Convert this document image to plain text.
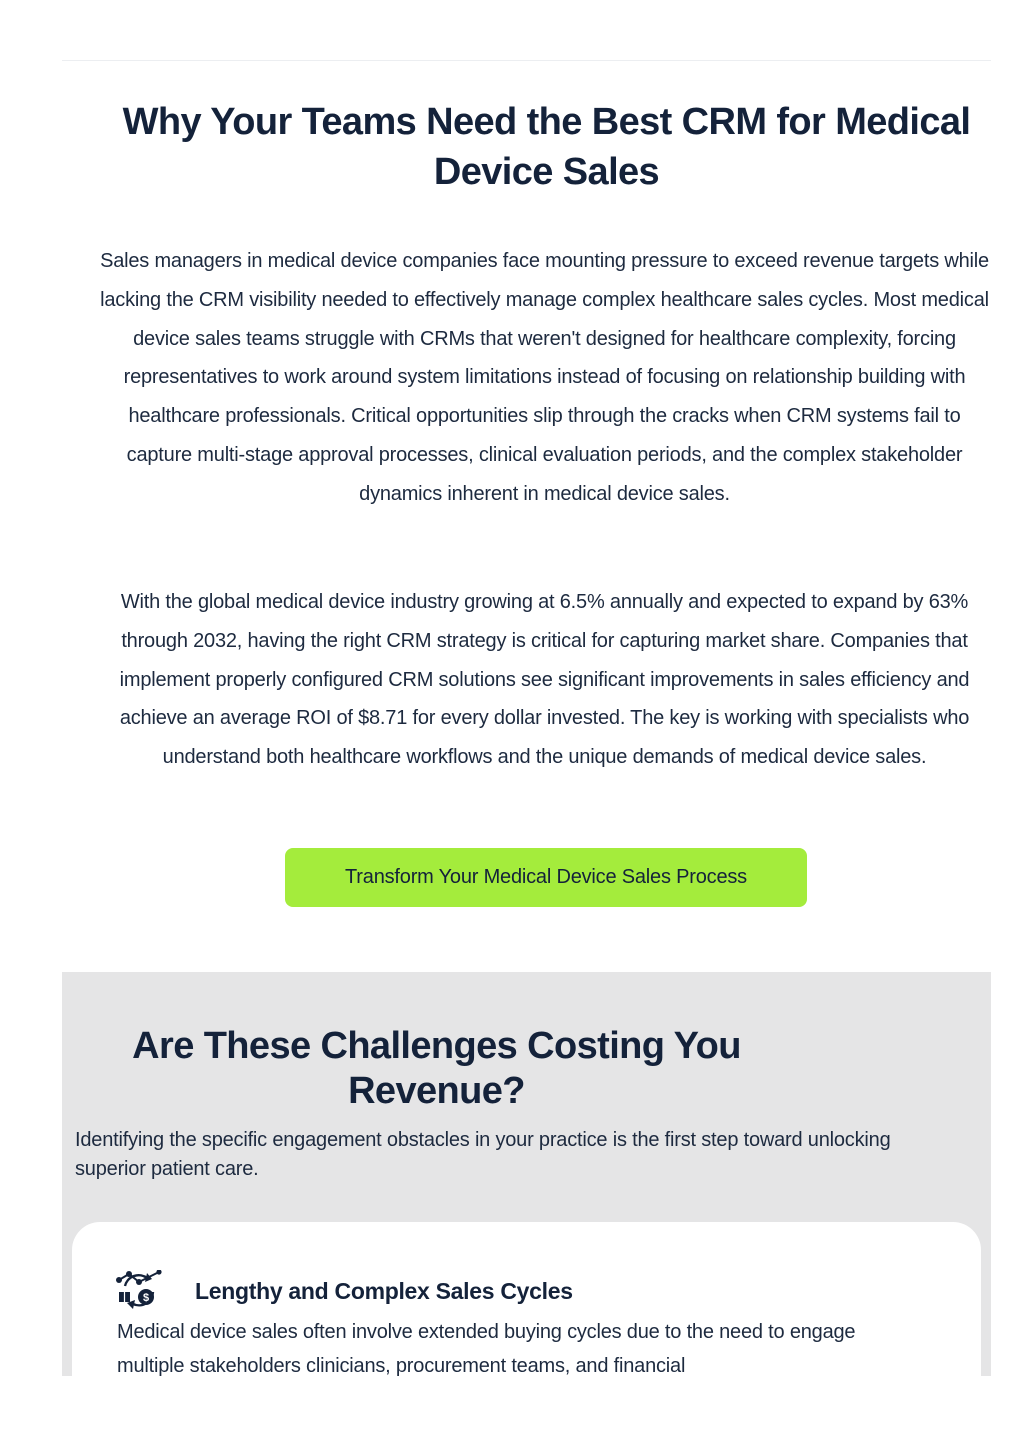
Why Your Teams Need the Best CRM for Medical Device Sales

Sales managers in medical device companies face mounting pressure to exceed revenue targets while lacking the CRM visibility needed to effectively manage complex healthcare sales cycles. Most medical device sales teams struggle with CRMs that weren't designed for healthcare complexity, forcing representatives to work around system limitations instead of focusing on relationship building with healthcare professionals. Critical opportunities slip through the cracks when CRM systems fail to capture multi-stage approval processes, clinical evaluation periods, and the complex stakeholder dynamics inherent in medical device sales.

With the global medical device industry growing at 6.5% annually and expected to expand by 63% through 2032, having the right CRM strategy is critical for capturing market share. Companies that implement properly configured CRM solutions see significant improvements in sales efficiency and achieve an average ROI of $8.71 for every dollar invested. The key is working with specialists who understand both healthcare workflows and the unique demands of medical device sales.

Transform Your Medical Device Sales Process
Are These Challenges Costing You Revenue?

Identifying the specific engagement obstacles in your practice is the first step toward unlocking superior patient care.

$ Lengthy and Complex Sales Cycles

Medical device sales often involve extended buying cycles due to the need to engage multiple stakeholders clinicians, procurement teams, and financial
